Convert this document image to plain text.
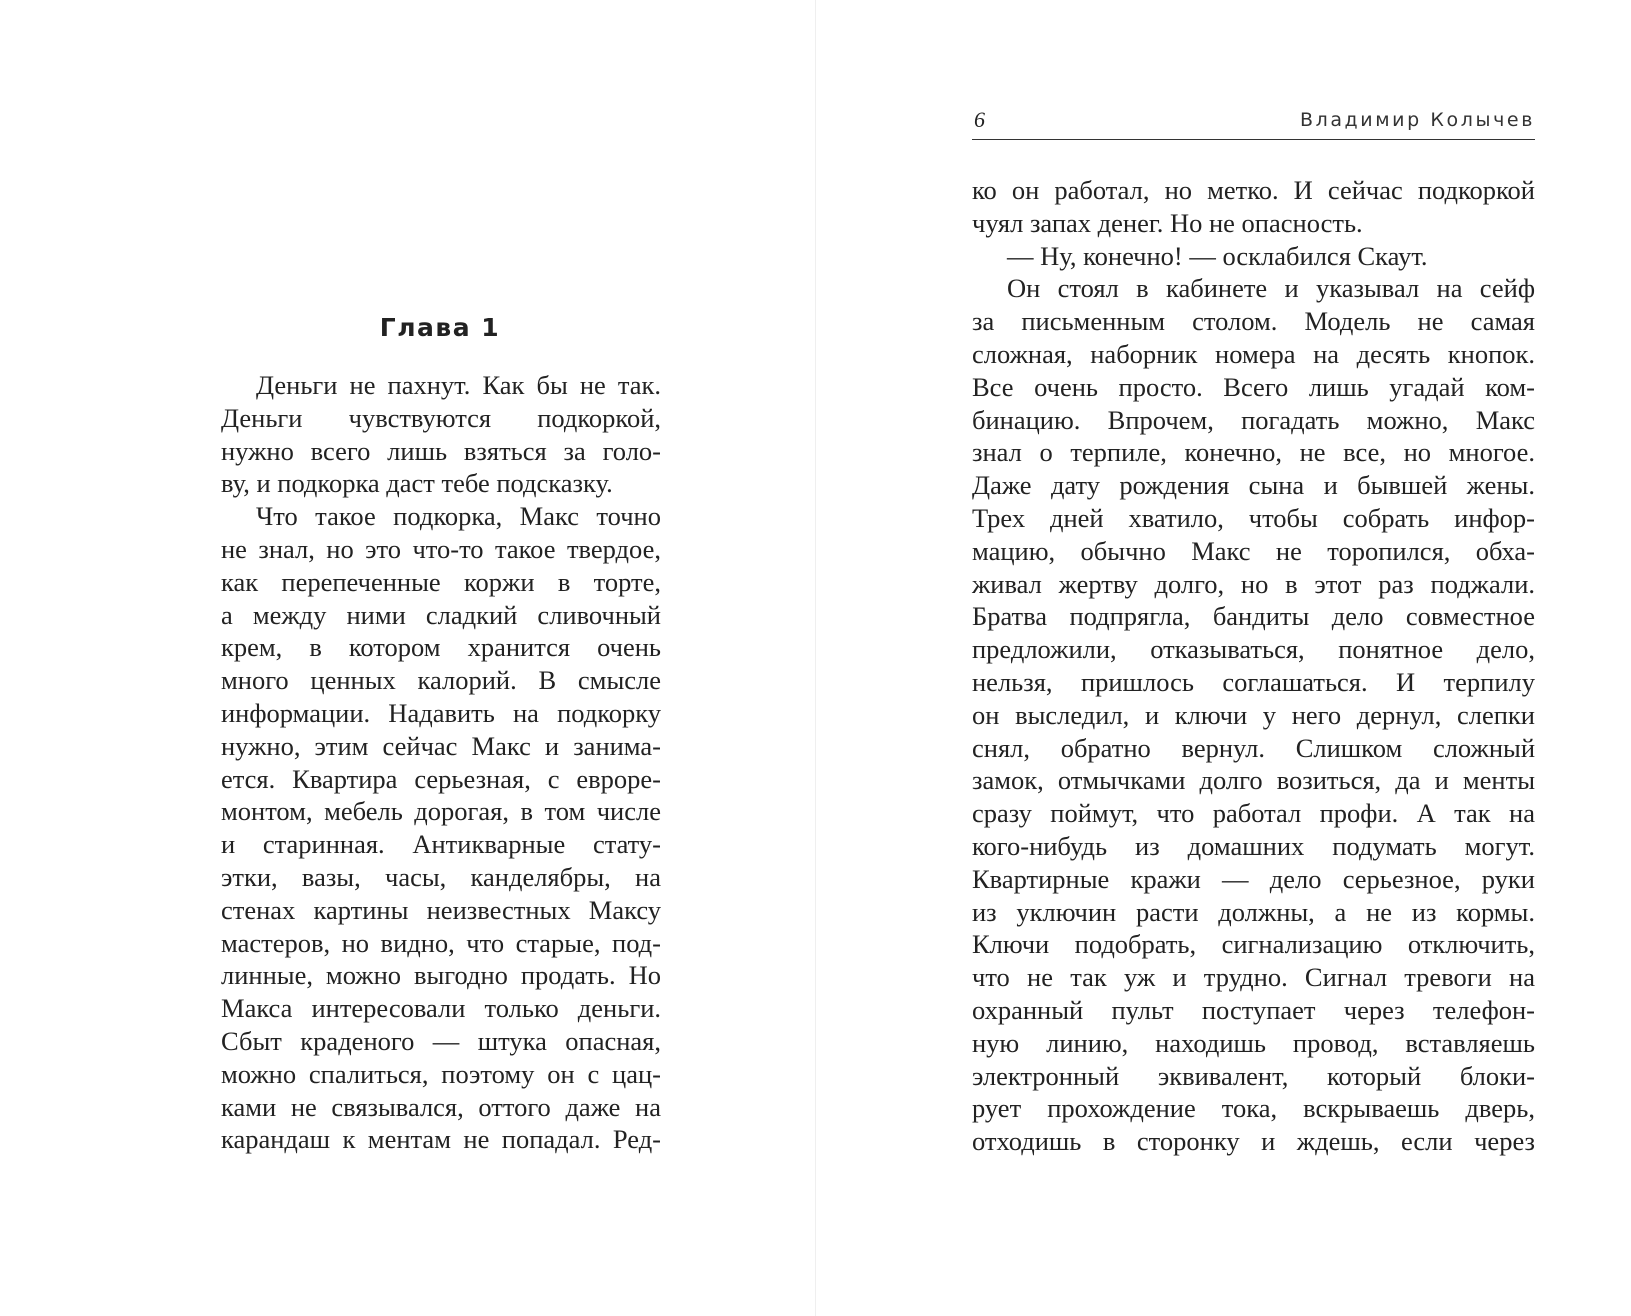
Глава 1
Деньги не пахнут. Как бы не так.
Деньги чувствуются подкоркой,
нужно всего лишь взяться за голо-
ву, и подкорка даст тебе подсказку.
Что такое подкорка, Макс точно
не знал, но это что-то такое твердое,
как перепеченные коржи в торте,
а между ними сладкий сливочный
крем, в котором хранится очень
много ценных калорий. В смысле
информации. Надавить на подкорку
нужно, этим сейчас Макс и занима-
ется. Квартира серьезная, с евроре-
монтом, мебель дорогая, в том числе
и старинная. Антикварные стату-
этки, вазы, часы, канделябры, на
стенах картины неизвестных Максу
мастеров, но видно, что старые, под-
линные, можно выгодно продать. Но
Макса интересовали только деньги.
Сбыт краденого — штука опасная,
можно спалиться, поэтому он с цац-
ками не связывался, оттого даже на
карандаш к ментам не попадал. Ред-
6	Владимир Колычев
ко он работал, но метко. И сейчас подкоркой
чуял запах денег. Но не опасность.
— Ну, конечно! — осклабился Скаут.
Он стоял в кабинете и указывал на сейф
за письменным столом. Модель не самая
сложная, наборник номера на десять кнопок.
Все очень просто. Всего лишь угадай ком-
бинацию. Впрочем, погадать можно, Макс
знал о терпиле, конечно, не все, но многое.
Даже дату рождения сына и бывшей жены.
Трех дней хватило, чтобы собрать инфор-
мацию, обычно Макс не торопился, обха-
живал жертву долго, но в этот раз поджали.
Братва подпрягла, бандиты дело совместное
предложили, отказываться, понятное дело,
нельзя, пришлось соглашаться. И терпилу
он выследил, и ключи у него дернул, слепки
снял, обратно вернул. Слишком сложный
замок, отмычками долго возиться, да и менты
сразу поймут, что работал профи. А так на
кого-нибудь из домашних подумать могут.
Квартирные кражи — дело серьезное, руки
из уключин расти должны, а не из кормы.
Ключи подобрать, сигнализацию отключить,
что не так уж и трудно. Сигнал тревоги на
охранный пульт поступает через телефон-
ную линию, находишь провод, вставляешь
электронный эквивалент, который блоки-
рует прохождение тока, вскрываешь дверь,
отходишь в сторонку и ждешь, если через
